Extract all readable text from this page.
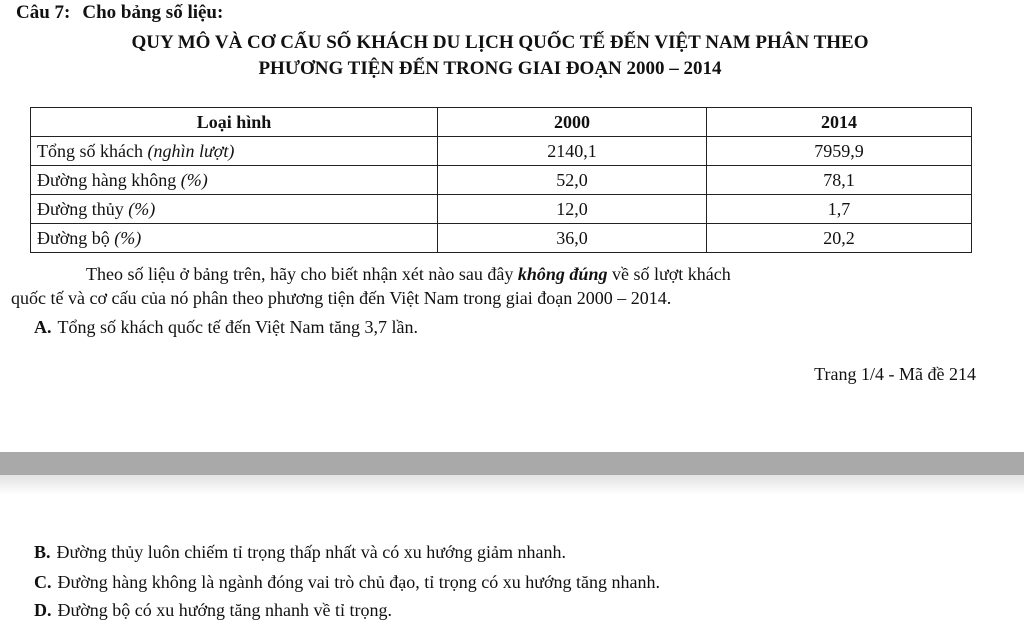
Câu 7: Cho bảng số liệu:
QUY MÔ VÀ CƠ CẤU SỐ KHÁCH DU LỊCH QUỐC TẾ ĐẾN VIỆT NAM PHÂN THEO
PHƯƠNG TIỆN ĐẾN TRONG GIAI ĐOẠN 2000 – 2014
Loại hình	2000	2014
Tổng số khách (nghìn lượt)	2140,1	7959,9
Đường hàng không (%)	52,0	78,1
Đường thủy (%)	12,0	1,7
Đường bộ (%)	36,0	20,2
Theo số liệu ở bảng trên, hãy cho biết nhận xét nào sau đây không đúng về số lượt khách
quốc tế và cơ cấu của nó phân theo phương tiện đến Việt Nam trong giai đoạn 2000 – 2014.
A. Tổng số khách quốc tế đến Việt Nam tăng 3,7 lần.
Trang 1/4 - Mã đề 214
B. Đường thủy luôn chiếm tỉ trọng thấp nhất và có xu hướng giảm nhanh.
C. Đường hàng không là ngành đóng vai trò chủ đạo, tỉ trọng có xu hướng tăng nhanh.
D. Đường bộ có xu hướng tăng nhanh về tỉ trọng.
